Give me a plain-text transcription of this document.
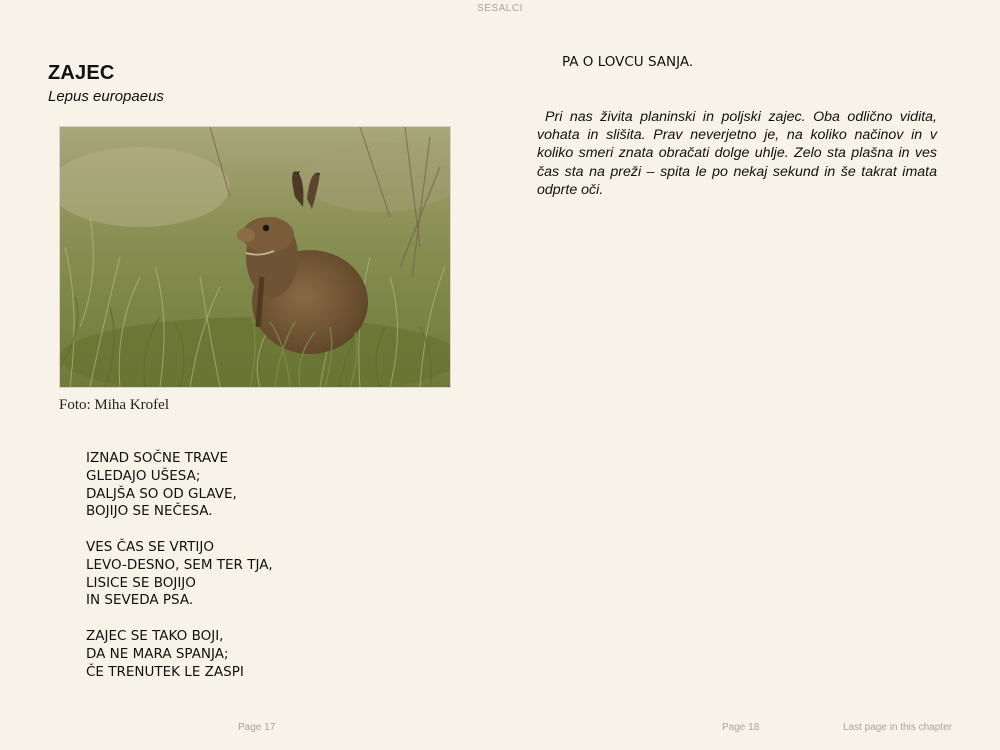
SESALCI
ZAJEC
Lepus europaeus
Foto: Miha Krofel
IZNAD SOČNE TRAVE
GLEDAJO UŠESA;
DALJŠA SO OD GLAVE,
BOJIJO SE NEČESA.
VES ČAS SE VRTIJO
LEVO-DESNO, SEM TER TJA,
LISICE SE BOJIJO
IN SEVEDA PSA.
ZAJEC SE TAKO BOJI,
DA NE MARA SPANJA;
ČE TRENUTEK LE ZASPI
Page 17
PA O LOVCU SANJA.

Pri nas živita planinski in poljski zajec. Oba odlično vidita, vohata in slišita. Prav neverjetno je, na koliko načinov in v koliko smeri znata obračati dolge uhlje. Zelo sta plašna in ves čas sta na preži – spita le po nekaj sekund in še takrat imata odprte oči.

Page 18	Last page in this chapter
